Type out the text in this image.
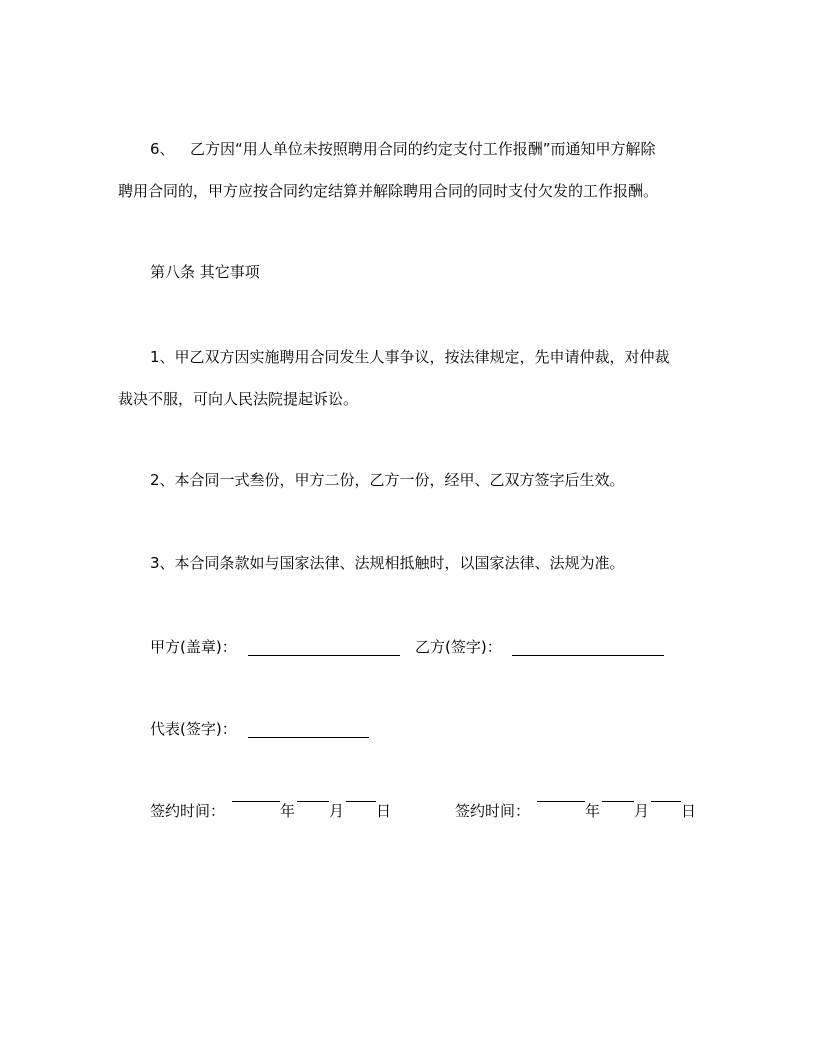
6、 乙方因“用人单位未按照聘用合同的约定支付工作报酬”而通知甲方解除
聘用合同的，甲方应按合同约定结算并解除聘用合同的同时支付欠发的工作报酬。
第八条 其它事项
1、甲乙双方因实施聘用合同发生人事争议，按法律规定，先申请仲裁，对仲裁
裁决不服，可向人民法院提起诉讼。
2、本合同一式叁份，甲方二份，乙方一份，经甲、乙双方签字后生效。
3、本合同条款如与国家法律、法规相抵触时，以国家法律、法规为准。
甲方(盖章)：	乙方(签字)：
代表(签字)：
签约时间：	年 月 日	签约时间：	年 月 日
